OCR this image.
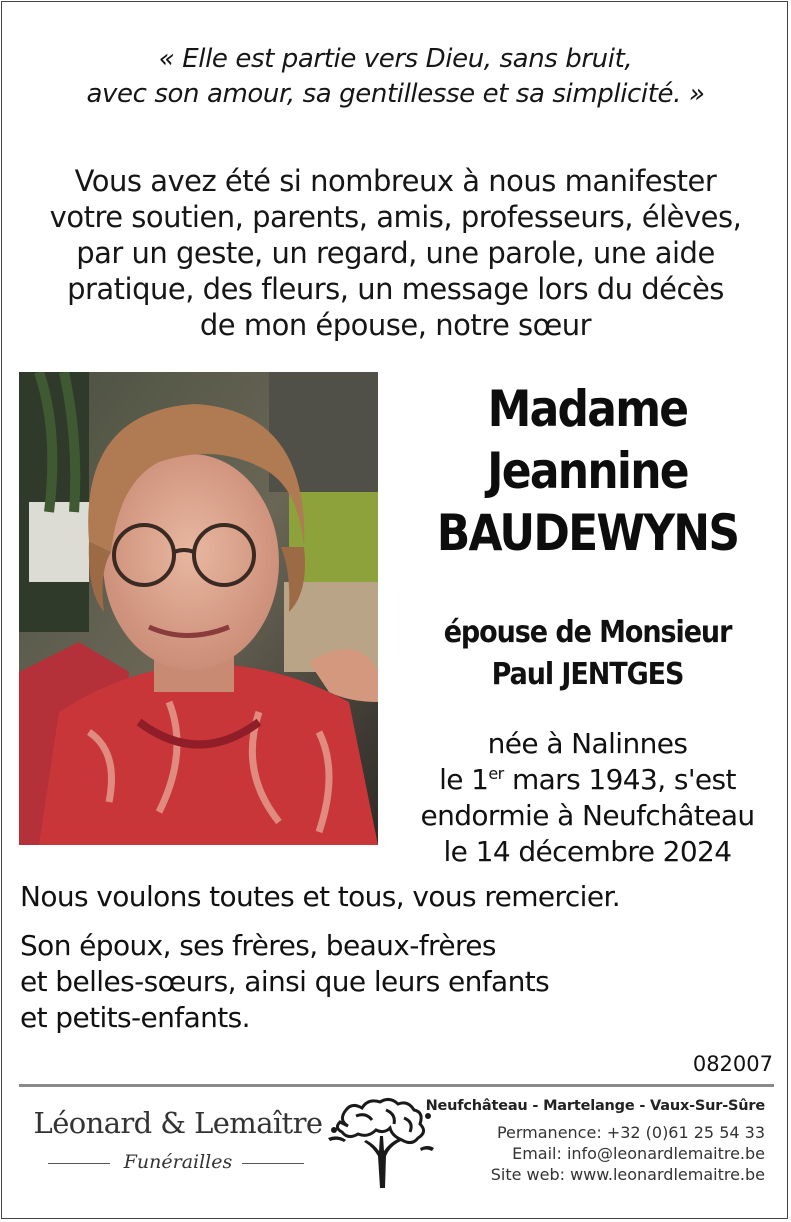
« Elle est partie vers Dieu, sans bruit,
avec son amour, sa gentillesse et sa simplicité. »
Vous avez été si nombreux à nous manifester
votre soutien, parents, amis, professeurs, élèves,
par un geste, un regard, une parole, une aide
pratique, des fleurs, un message lors du décès
de mon épouse, notre sœur
Madame
Jeannine
BAUDEWYNS
épouse de Monsieur
Paul JENTGES
née à Nalinnes
le 1er mars 1943, s'est
endormie à Neufchâteau
le 14 décembre 2024
Nous voulons toutes et tous, vous remercier.
Son époux, ses frères, beaux-frères
et belles-sœurs, ainsi que leurs enfants
et petits-enfants.
082007
Léonard & Lemaître
Funérailles
Neufchâteau - Martelange - Vaux-Sur-Sûre
Permanence: +32 (0)61 25 54 33
Email: info@leonardlemaitre.be
Site web: www.leonardlemaitre.be
